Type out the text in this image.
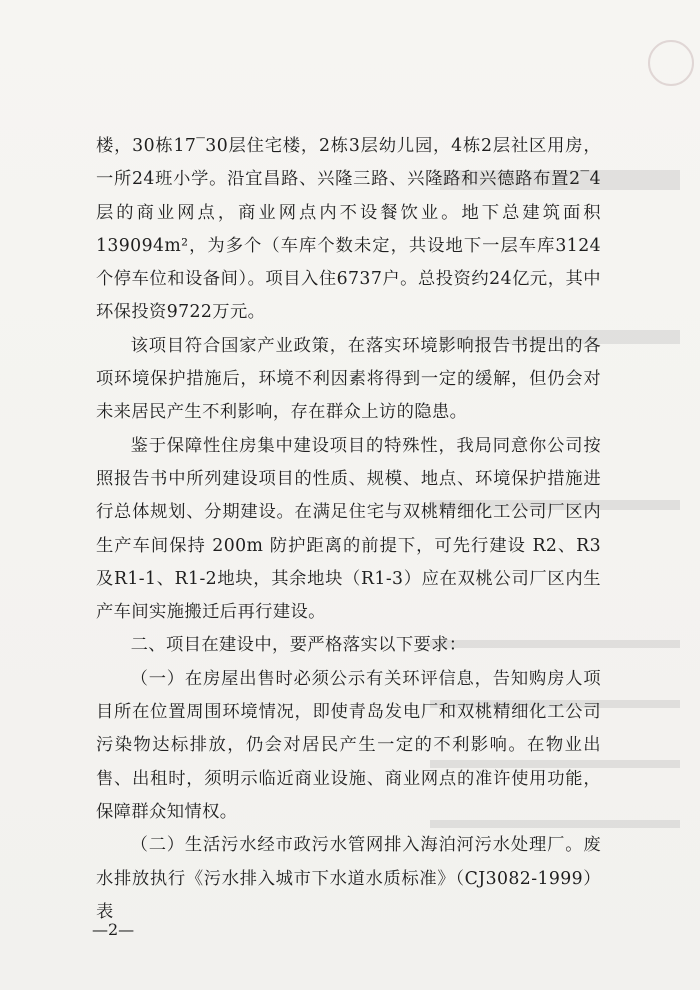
楼，30栋17‾30层住宅楼，2栋3层幼儿园，4栋2层社区用房，一所24班小学。沿宜昌路、兴隆三路、兴隆路和兴德路布置2‾4层的商业网点，商业网点内不设餐饮业。地下总建筑面积139094m²，为多个（车库个数未定，共设地下一层车库3124个停车位和设备间）。项目入住6737户。总投资约24亿元，其中环保投资9722万元。

该项目符合国家产业政策，在落实环境影响报告书提出的各项环境保护措施后，环境不利因素将得到一定的缓解，但仍会对未来居民产生不利影响，存在群众上访的隐患。

鉴于保障性住房集中建设项目的特殊性，我局同意你公司按照报告书中所列建设项目的性质、规模、地点、环境保护措施进行总体规划、分期建设。在满足住宅与双桃精细化工公司厂区内生产车间保持 200m 防护距离的前提下，可先行建设 R2、R3 及R1-1、R1-2地块，其余地块（R1-3）应在双桃公司厂区内生产车间实施搬迁后再行建设。

二、项目在建设中，要严格落实以下要求：

（一）在房屋出售时必须公示有关环评信息，告知购房人项目所在位置周围环境情况，即使青岛发电厂和双桃精细化工公司污染物达标排放，仍会对居民产生一定的不利影响。在物业出售、出租时，须明示临近商业设施、商业网点的准许使用功能，保障群众知情权。

（二）生活污水经市政污水管网排入海泊河污水处理厂。废水排放执行《污水排入城市下水道水质标准》（CJ3082-1999）表

—2—
